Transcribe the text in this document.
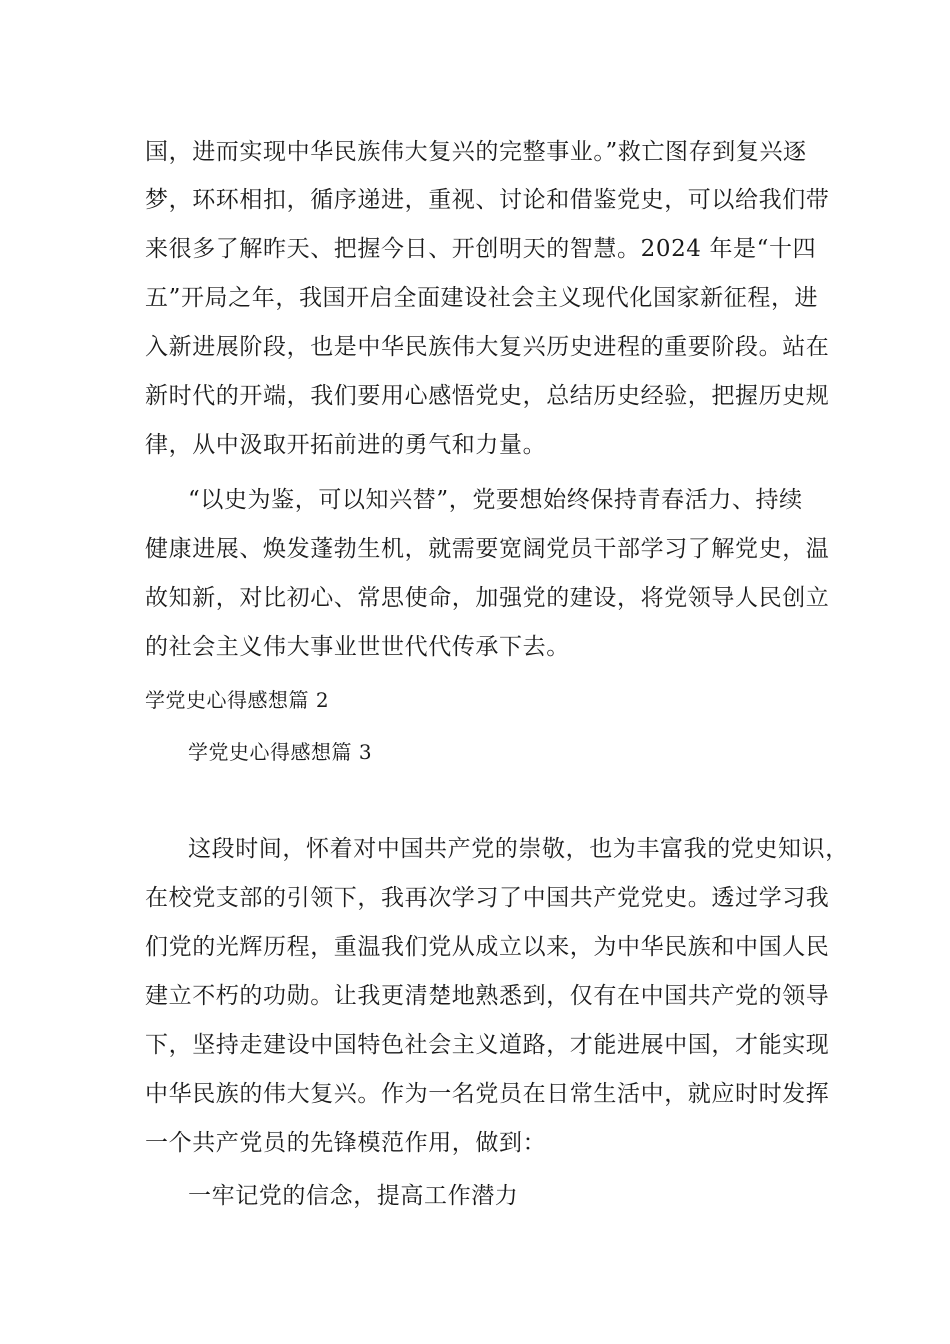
国，进而实现中华民族伟大复兴的完整事业。”救亡图存到复兴逐
梦，环环相扣，循序递进，重视、讨论和借鉴党史，可以给我们带
来很多了解昨天、把握今日、开创明天的智慧。2024 年是“十四
五”开局之年，我国开启全面建设社会主义现代化国家新征程，进
入新进展阶段，也是中华民族伟大复兴历史进程的重要阶段。站在
新时代的开端，我们要用心感悟党史，总结历史经验，把握历史规
律，从中汲取开拓前进的勇气和力量。
“以史为鉴，可以知兴替”，党要想始终保持青春活力、持续
健康进展、焕发蓬勃生机，就需要宽阔党员干部学习了解党史，温
故知新，对比初心、常思使命，加强党的建设，将党领导人民创立
的社会主义伟大事业世世代代传承下去。
学党史心得感想篇 2
学党史心得感想篇 3
这段时间，怀着对中国共产党的崇敬，也为丰富我的党史知识，
在校党支部的引领下，我再次学习了中国共产党党史。透过学习我
们党的光辉历程，重温我们党从成立以来，为中华民族和中国人民
建立不朽的功勋。让我更清楚地熟悉到，仅有在中国共产党的领导
下，坚持走建设中国特色社会主义道路，才能进展中国，才能实现
中华民族的伟大复兴。作为一名党员在日常生活中，就应时时发挥
一个共产党员的先锋模范作用，做到：
一牢记党的信念，提高工作潜力
